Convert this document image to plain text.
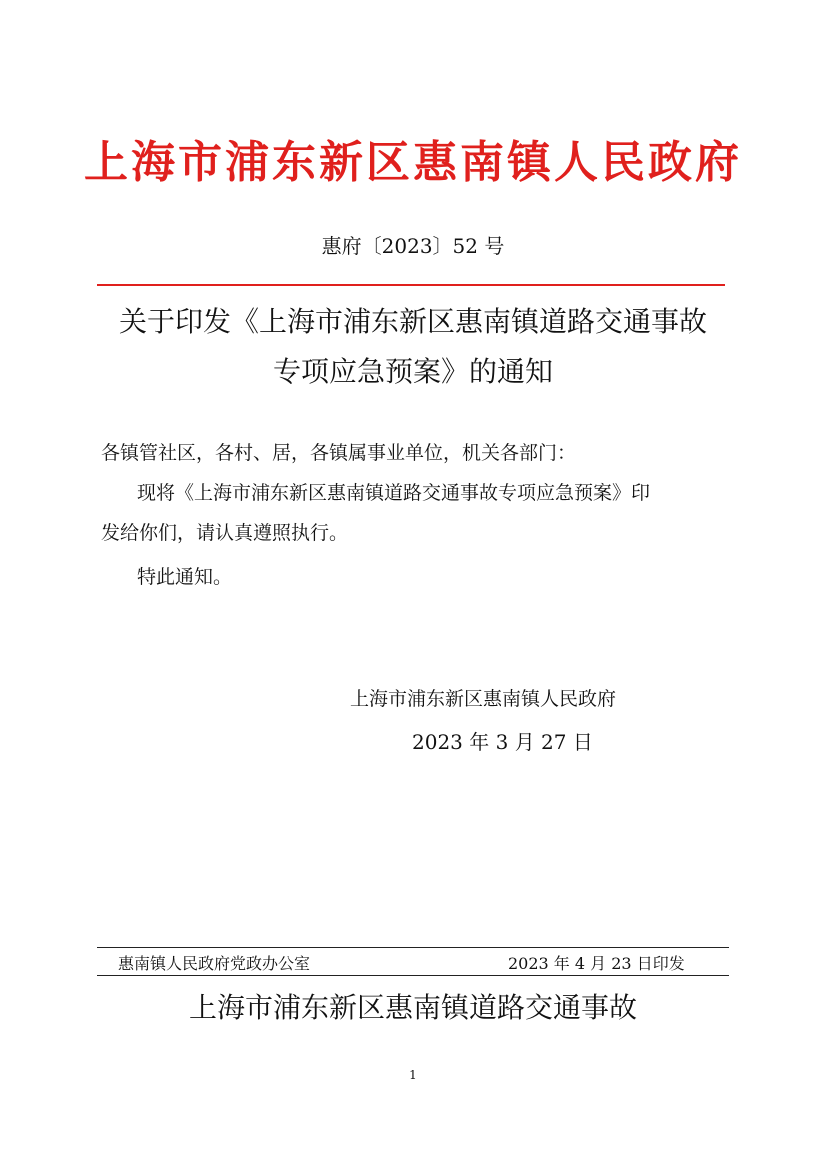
上海市浦东新区惠南镇人民政府
惠府〔2023〕52 号
关于印发《上海市浦东新区惠南镇道路交通事故
专项应急预案》的通知
各镇管社区，各村、居，各镇属事业单位，机关各部门：
现将《上海市浦东新区惠南镇道路交通事故专项应急预案》印
发给你们，请认真遵照执行。
特此通知。
上海市浦东新区惠南镇人民政府
2023 年 3 月 27 日
惠南镇人民政府党政办公室	2023 年 4 月 23 日印发
上海市浦东新区惠南镇道路交通事故
1
